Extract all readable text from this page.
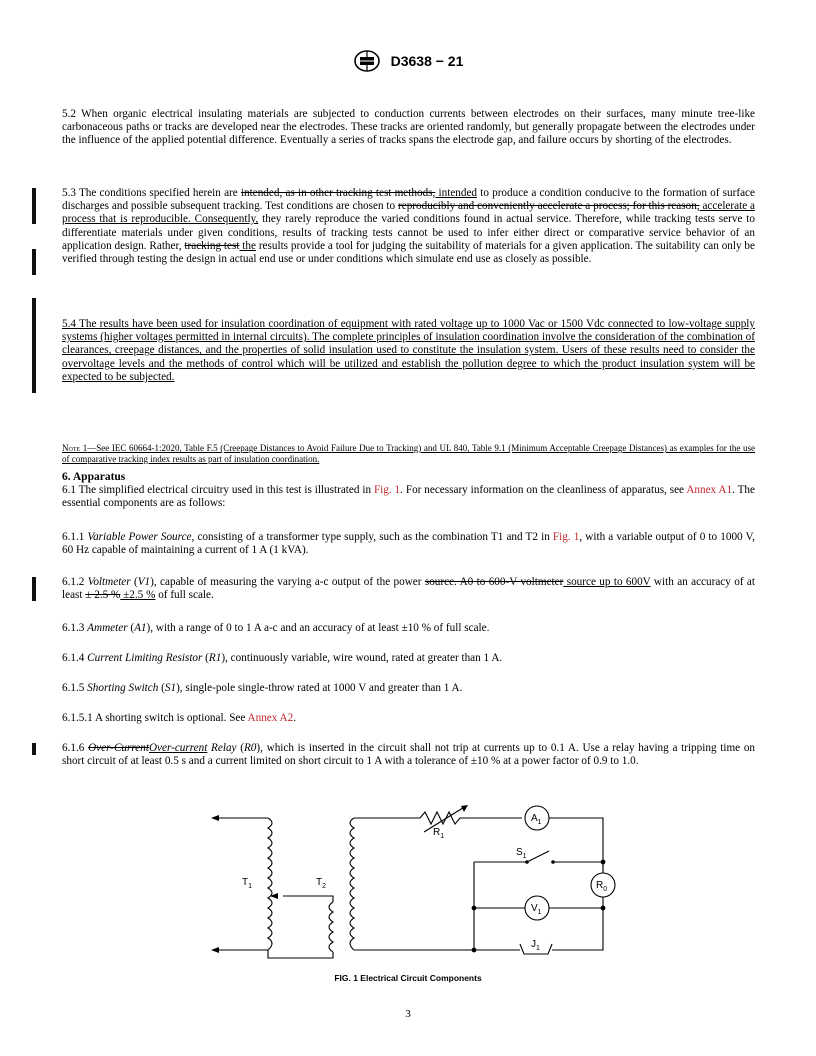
D3638 − 21
5.2 When organic electrical insulating materials are subjected to conduction currents between electrodes on their surfaces, many minute tree-like carbonaceous paths or tracks are developed near the electrodes. These tracks are oriented randomly, but generally propagate between the electrodes under the influence of the applied potential difference. Eventually a series of tracks spans the electrode gap, and failure occurs by shorting of the electrodes.
5.3 The conditions specified herein are intended, as in other tracking test methods, intended to produce a condition conducive to the formation of surface discharges and possible subsequent tracking. Test conditions are chosen to reproducibly and conveniently accelerate a process; for this reason, accelerate a process that is reproducible. Consequently, they rarely reproduce the varied conditions found in actual service. Therefore, while tracking tests serve to differentiate materials under given conditions, results of tracking tests cannot be used to infer either direct or comparative service behavior of an application design. Rather, tracking test the results provide a tool for judging the suitability of materials for a given application. The suitability can only be verified through testing the design in actual end use or under conditions which simulate end use as closely as possible.
5.4 The results have been used for insulation coordination of equipment with rated voltage up to 1000 Vac or 1500 Vdc connected to low-voltage supply systems (higher voltages permitted in internal circuits). The complete principles of insulation coordination involve the consideration of the combination of clearances, creepage distances, and the properties of solid insulation used to constitute the insulation system. Users of these results need to consider the overvoltage levels and the methods of control which will be utilized and establish the pollution degree to which the product insulation system will be expected to be subjected.
Note 1—See IEC 60664-1:2020, Table F.5 (Creepage Distances to Avoid Failure Due to Tracking) and UL 840, Table 9.1 (Minimum Acceptable Creepage Distances) as examples for the use of comparative tracking index results as part of insulation coordination.
6. Apparatus
6.1 The simplified electrical circuitry used in this test is illustrated in Fig. 1. For necessary information on the cleanliness of apparatus, see Annex A1. The essential components are as follows:
6.1.1 Variable Power Source, consisting of a transformer type supply, such as the combination T1 and T2 in Fig. 1, with a variable output of 0 to 1000 V, 60 Hz capable of maintaining a current of 1 A (1 kVA).
6.1.2 Voltmeter (V1), capable of measuring the varying a-c output of the power source. A0 to 600-V voltmeter source up to 600V with an accuracy of at least ± 2.5 % ±2.5 % of full scale.
6.1.3 Ammeter (A1), with a range of 0 to 1 A a-c and an accuracy of at least ±10 % of full scale.
6.1.4 Current Limiting Resistor (R1), continuously variable, wire wound, rated at greater than 1 A.
6.1.5 Shorting Switch (S1), single-pole single-throw rated at 1000 V and greater than 1 A.
6.1.5.1 A shorting switch is optional. See Annex A2.
6.1.6 Over-CurrentOver-current Relay (R0), which is inserted in the circuit shall not trip at currents up to 0.1 A. Use a relay having a tripping time on short circuit of at least 0.5 s and a current limited on short circuit to 1 A with a tolerance of ±10 % at a power factor of 0.9 to 1.0.
$T_1$	$T_2$
$R_1$
$A_1$
$S_1$
$R_0$
$V_1$
$J_1$
FIG. 1 Electrical Circuit Components
3
